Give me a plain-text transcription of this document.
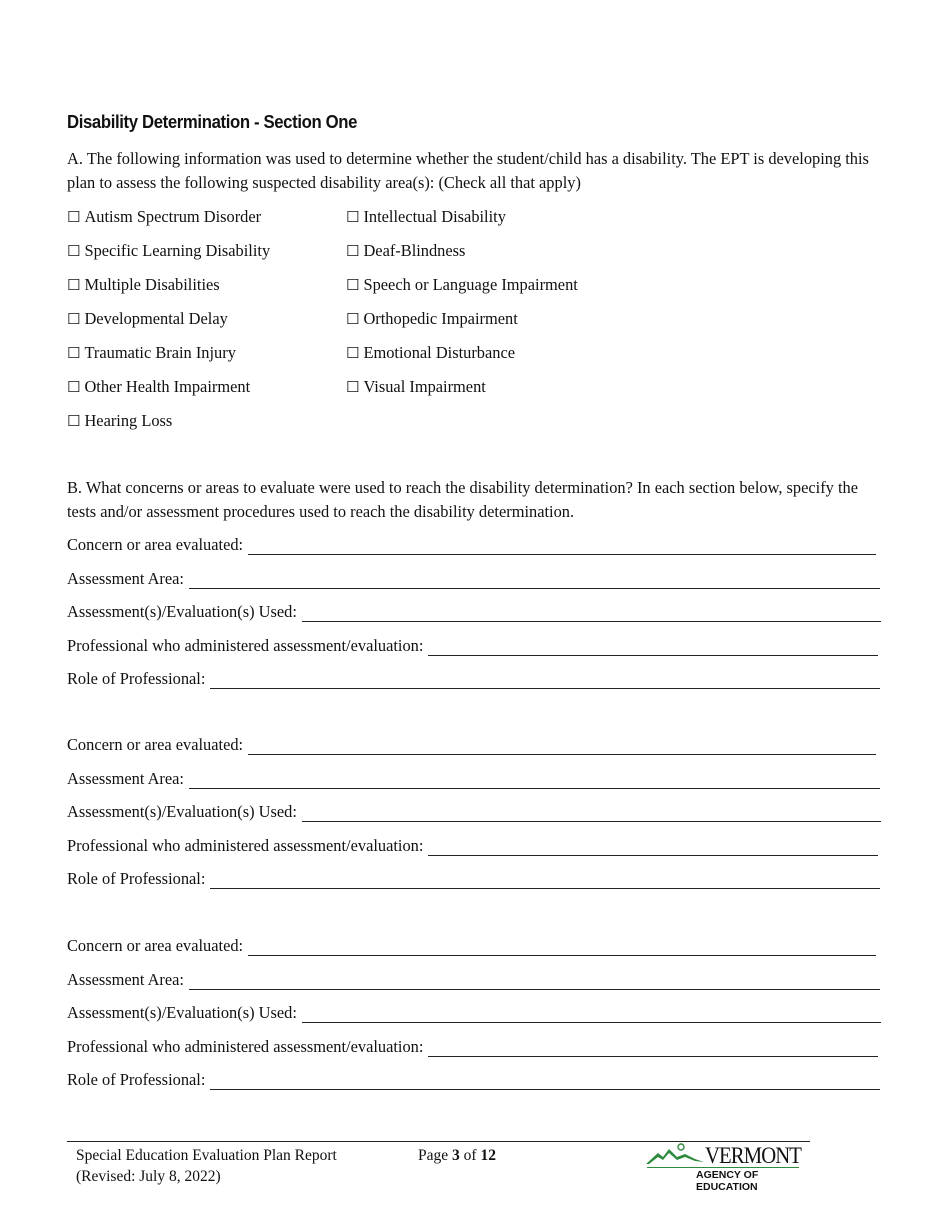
Disability Determination - Section One

A. The following information was used to determine whether the student/child has a disability. The EPT is developing this plan to assess the following suspected disability area(s): (Check all that apply)

☐ Autism Spectrum Disorder
☐ Specific Learning Disability
☐ Multiple Disabilities
☐ Developmental Delay
☐ Traumatic Brain Injury
☐ Other Health Impairment
☐ Hearing Loss
☐ Intellectual Disability
☐ Deaf-Blindness
☐ Speech or Language Impairment
☐ Orthopedic Impairment
☐ Emotional Disturbance
☐ Visual Impairment

B. What concerns or areas to evaluate were used to reach the disability determination? In each section below, specify the tests and/or assessment procedures used to reach the disability determination.

Concern or area evaluated:
Assessment Area:
Assessment(s)/Evaluation(s) Used:
Professional who administered assessment/evaluation:
Role of Professional:
Concern or area evaluated:
Assessment Area:
Assessment(s)/Evaluation(s) Used:
Professional who administered assessment/evaluation:
Role of Professional:
Concern or area evaluated:
Assessment Area:
Assessment(s)/Evaluation(s) Used:
Professional who administered assessment/evaluation:
Role of Professional:
Special Education Evaluation Plan Report
(Revised: July 8, 2022)
Page 3 of 12	VERMONT
AGENCY OF EDUCATION
